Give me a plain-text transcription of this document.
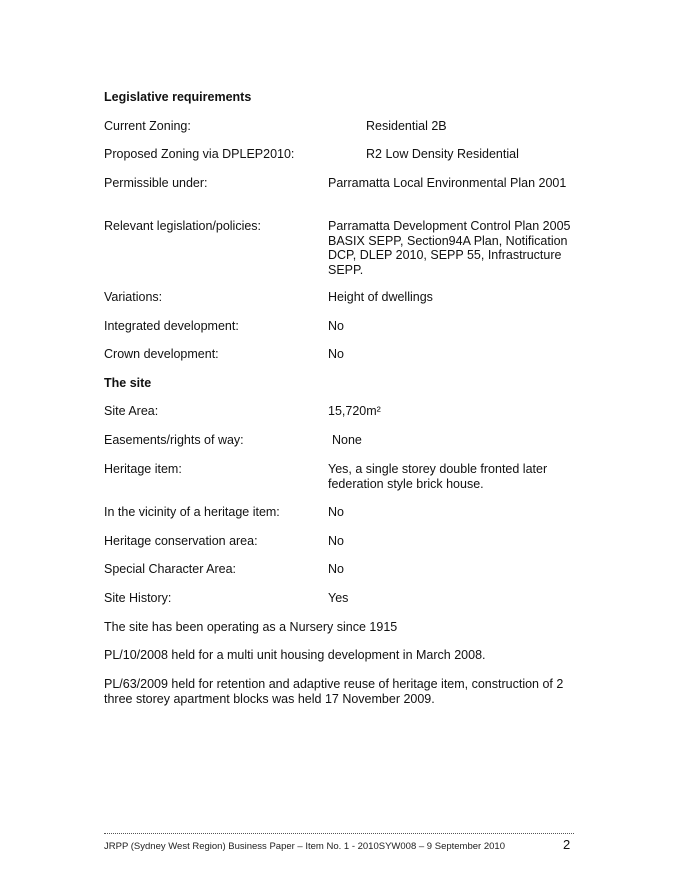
Legislative requirements
Current Zoning:	Residential 2B
Proposed Zoning via DPLEP2010:	R2 Low Density Residential
Permissible under:	Parramatta Local Environmental Plan 2001
Relevant legislation/policies:	Parramatta Development Control Plan 2005 BASIX SEPP, Section94A Plan, Notification DCP, DLEP 2010, SEPP 55, Infrastructure SEPP.
Variations:	Height of dwellings
Integrated development:	No
Crown development:	No
The site
Site Area:	15,720m²
Easements/rights of way:	None
Heritage item:	Yes, a single storey double fronted later federation style brick house.
In the vicinity of a heritage item:	No
Heritage conservation area:	No
Special Character Area:	No
Site History:	Yes
The site has been operating as a Nursery since 1915
PL/10/2008 held for a multi unit housing development in March 2008.
PL/63/2009 held for retention and adaptive reuse of heritage item, construction of 2 three storey apartment blocks was held 17 November 2009.
JRPP (Sydney West Region) Business Paper – Item No. 1 - 2010SYW008 – 9 September 2010	2
